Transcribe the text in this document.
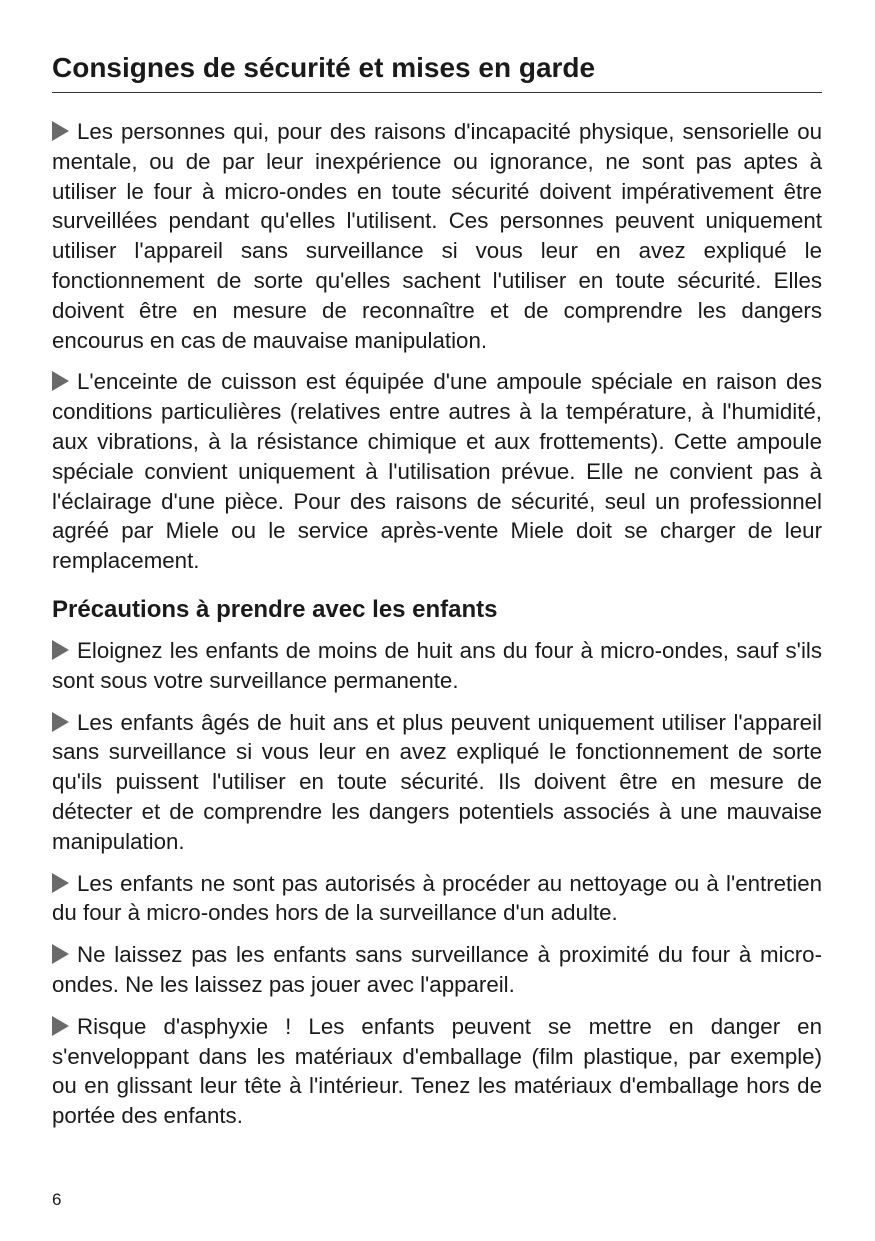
Consignes de sécurité et mises en garde

Les personnes qui, pour des raisons d'incapacité physique, sensorielle ou mentale, ou de par leur inexpérience ou ignorance, ne sont pas aptes à utiliser le four à micro-ondes en toute sécurité doivent impérativement être surveillées pendant qu'elles l'utilisent. Ces personnes peuvent uniquement utiliser l'appareil sans surveillance si vous leur en avez expliqué le fonctionnement de sorte qu'elles sachent l'utiliser en toute sécurité. Elles doivent être en mesure de reconnaître et de comprendre les dangers encourus en cas de mauvaise manipulation.

L'enceinte de cuisson est équipée d'une ampoule spéciale en raison des conditions particulières (relatives entre autres à la température, à l'humidité, aux vibrations, à la résistance chimique et aux frottements). Cette ampoule spéciale convient uniquement à l'utilisation prévue. Elle ne convient pas à l'éclairage d'une pièce. Pour des raisons de sécurité, seul un professionnel agréé par Miele ou le service après-vente Miele doit se charger de leur remplacement.

Précautions à prendre avec les enfants

Eloignez les enfants de moins de huit ans du four à micro-ondes, sauf s'ils sont sous votre surveillance permanente.

Les enfants âgés de huit ans et plus peuvent uniquement utiliser l'appareil sans surveillance si vous leur en avez expliqué le fonctionnement de sorte qu'ils puissent l'utiliser en toute sécurité. Ils doivent être en mesure de détecter et de comprendre les dangers potentiels associés à une mauvaise manipulation.

Les enfants ne sont pas autorisés à procéder au nettoyage ou à l'entretien du four à micro-ondes hors de la surveillance d'un adulte.

Ne laissez pas les enfants sans surveillance à proximité du four à micro-ondes. Ne les laissez pas jouer avec l'appareil.

Risque d'asphyxie ! Les enfants peuvent se mettre en danger en s'enveloppant dans les matériaux d'emballage (film plastique, par exemple) ou en glissant leur tête à l'intérieur. Tenez les matériaux d'emballage hors de portée des enfants.

6
